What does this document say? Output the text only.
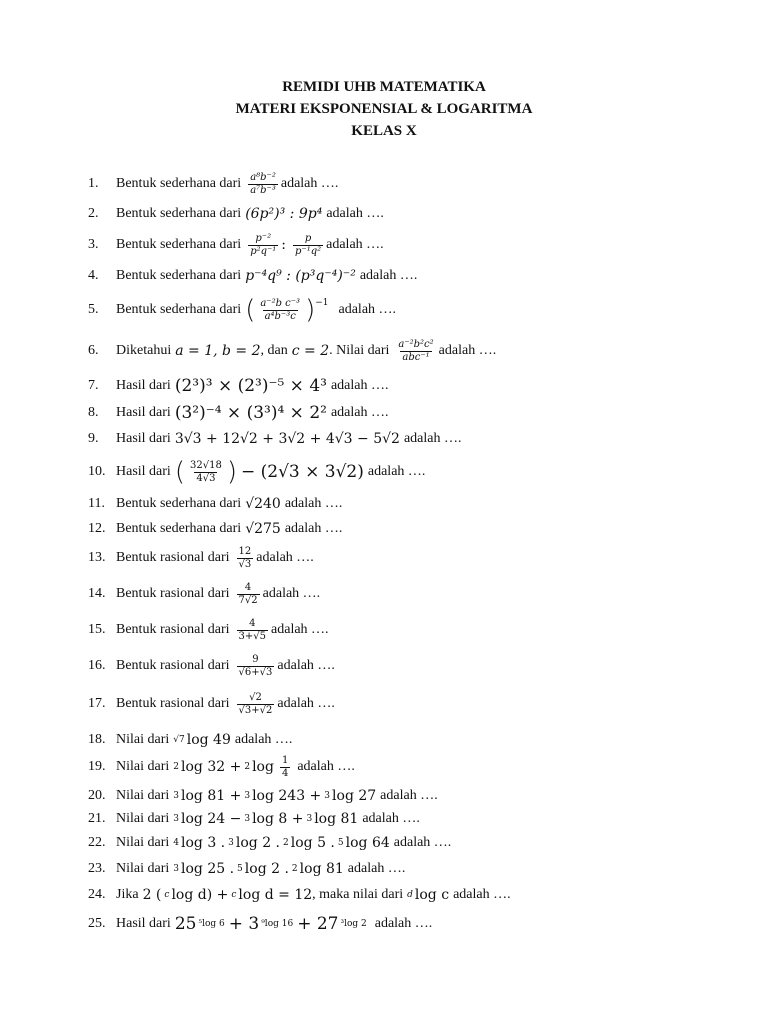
REMIDI UHB MATEMATIKA
MATERI EKSPONENSIAL & LOGARITMA
KELAS X
1.	Bentuk sederhana dari $\frac{\text{a⁸b⁻²}}{\text{a⁷b⁻³}}$ adalah ….
2.	Bentuk sederhana dari (6p²)³ : 9p⁴ adalah ….
3.	Bentuk sederhana dari $\frac{\text{p⁻²}}{\text{p²q⁻¹}}$ : $\frac{p}{\text{p⁻¹q²}}$ adalah ….
4.	Bentuk sederhana dari p⁻⁴q⁹ : (p³q⁻⁴)⁻² adalah ….
5.	Bentuk sederhana dari ( $\frac{\text{a⁻²b c⁻³}}{\text{a⁴b⁻³c}} )^{-1}$ adalah ….
6.	Diketahui a = 1, b = 2 , dan c = 2 . Nilai dari $\frac{\text{a⁻²b²c²}}{\text{abc⁻¹}}$ adalah ….
7.	Hasil dari (2³)³ × (2³)⁻⁵ × 4³ adalah ….
8.	Hasil dari (3²)⁻⁴ × (3³)⁴ × 2² adalah ….
9.	Hasil dari 3√3 + 12√2 + 3√2 + 4√3 − 5√2 adalah ….
10. Hasil dari ( $\frac{32√18}{4√3}$ ) − (2√3 × 3√2) adalah ….
11. Bentuk sederhana dari √240 adalah ….
12. Bentuk sederhana dari √275 adalah ….
13. Bentuk rasional dari $\frac{12}{√3}$ adalah ….
14. Bentuk rasional dari $\frac{4}{7√2}$ adalah ….
15. Bentuk rasional dari $\frac{4}{3+√5}$ adalah ….
16. Bentuk rasional dari $\frac{9}{√6+√3}$ adalah ….
17. Bentuk rasional dari $\frac{√2}{√3+√2}$ adalah ….
18. Nilai dari √7 log 49 adalah ….
19. Nilai dari 2 log 32 + 2 $\log \frac{1}{4}$ adalah ….
20. Nilai dari 3 log 81 + 3 log 243 + 3 log 27 adalah ….
21. Nilai dari 3 log 24 − 3 log 8 + 3 log 81 adalah ….
22. Nilai dari 4 log 3 . 3 log 2 . 2 log 5 . 5 log 64 adalah ….
23. Nilai dari 3 log 25 . 5 log 2 . 2 log 81 adalah ….
24. Jika 2 ( c log d) + c log d = 12 , maka nilai dari d log c adalah ….
25. Hasil dari 25 ⁵log 6 + 3 ⁹log 16 + 27 ³log 2 adalah ….
